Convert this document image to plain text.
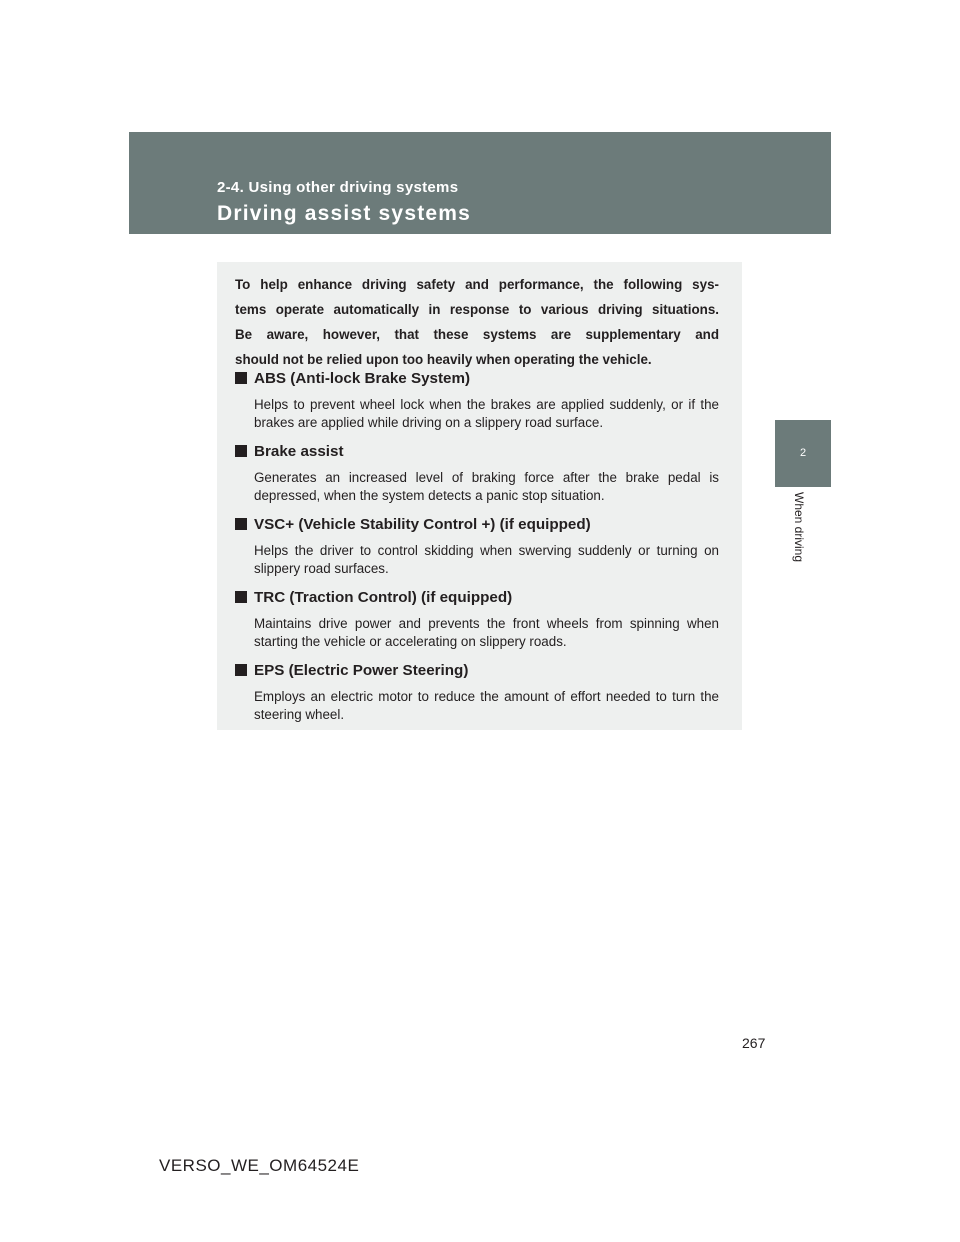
2-4. Using other driving systems
Driving assist systems
2
When driving

To help enhance driving safety and performance, the following sys-
tems operate automatically in response to various driving situations.
Be aware, however, that these systems are supplementary and
should not be relied upon too heavily when operating the vehicle.

ABS (Anti-lock Brake System)
Helps to prevent wheel lock when the brakes are applied suddenly, or if the brakes are applied while driving on a slippery road surface.
Brake assist
Generates an increased level of braking force after the brake pedal is depressed, when the system detects a panic stop situation.
VSC+ (Vehicle Stability Control +) (if equipped)
Helps the driver to control skidding when swerving suddenly or turning on slippery road surfaces.
TRC (Traction Control) (if equipped)
Maintains drive power and prevents the front wheels from spinning when starting the vehicle or accelerating on slippery roads.
EPS (Electric Power Steering)
Employs an electric motor to reduce the amount of effort needed to turn the steering wheel.
267
VERSO_WE_OM64524E
